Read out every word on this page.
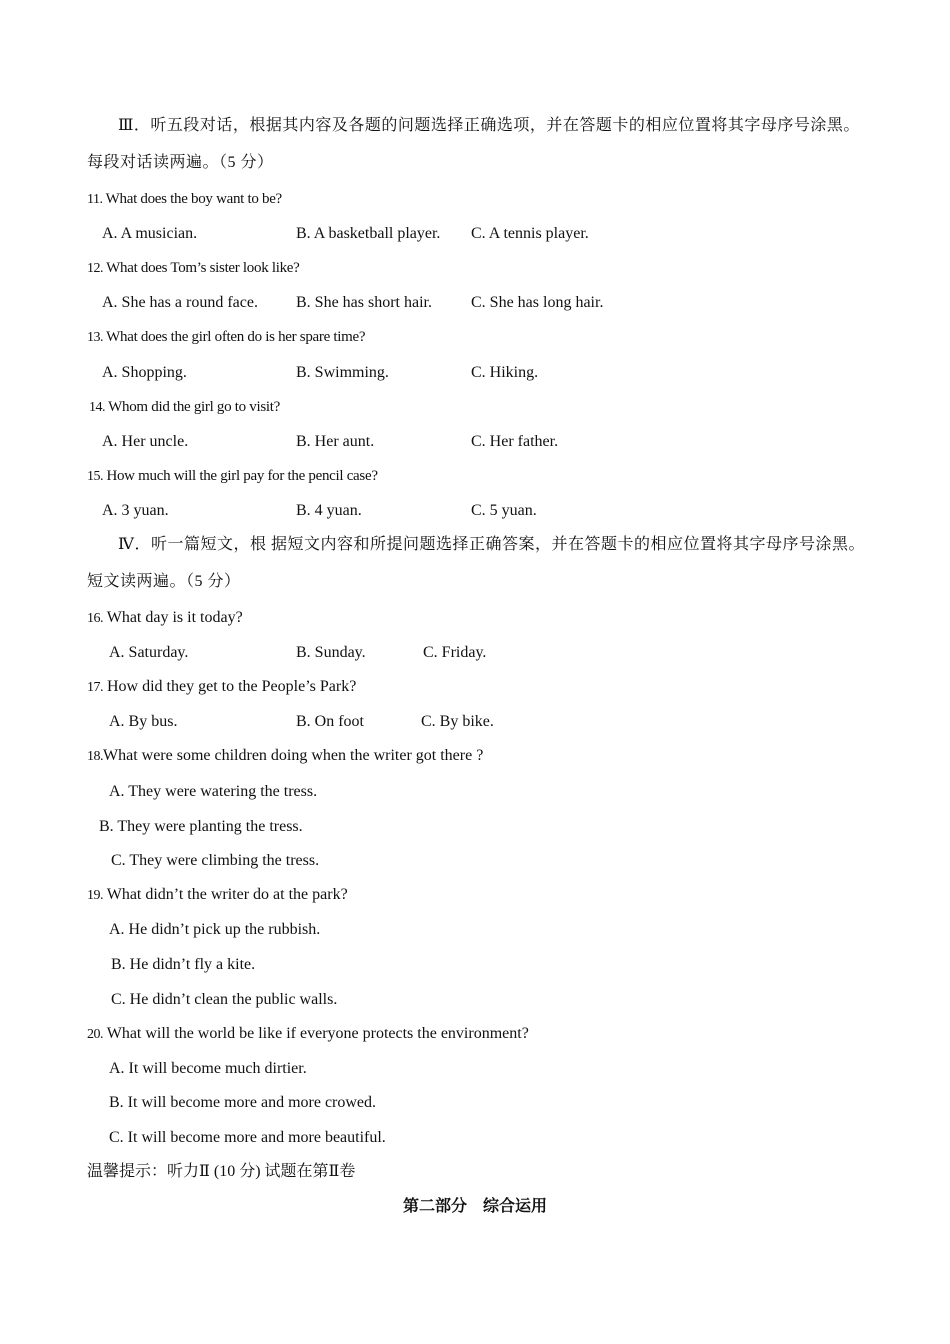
Ⅲ．听五段对话，根据其内容及各题的问题选择正确选项，并在答题卡的相应位置将其字母序号涂黑。
每段对话读两遍。（5 分）
11. What does the boy want to be?
A. A musician.	B. A basketball player. C. A tennis player.
12. What does Tom’s sister look like?
A. She has a round face. B. She has short hair. C. She has long hair.
13. What does the girl often do is her spare time?
A. Shopping.	B. Swimming.	C. Hiking.
14. Whom did the girl go to visit?
A. Her uncle.	B. Her aunt.	C. Her father.
15. How much will the girl pay for the pencil case?
A. 3 yuan.	B. 4 yuan.	C. 5 yuan.
Ⅳ．听一篇短文，根 据短文内容和所提问题选择正确答案，并在答题卡的相应位置将其字母序号涂黑。
短文读两遍。（5 分）
16. What day is it today?
A. Saturday.	B. Sunday.	C. Friday.
17. How did they get to the People’s Park?
A. By bus.	B. On foot	C. By bike.
18.What were some children doing when the writer got there ?
A. They were watering the tress.
B. They were planting the tress.
C. They were climbing the tress.
19. What didn’t the writer do at the park?
A. He didn’t pick up the rubbish.
B. He didn’t fly a kite.
C. He didn’t clean the public walls.
20. What will the world be like if everyone protects the environment?
A. It will become much dirtier.
B. It will become more and more crowed.
C. It will become more and more beautiful.
温馨提示：听力Ⅱ (10 分) 试题在第Ⅱ卷
第二部分    综合运用
